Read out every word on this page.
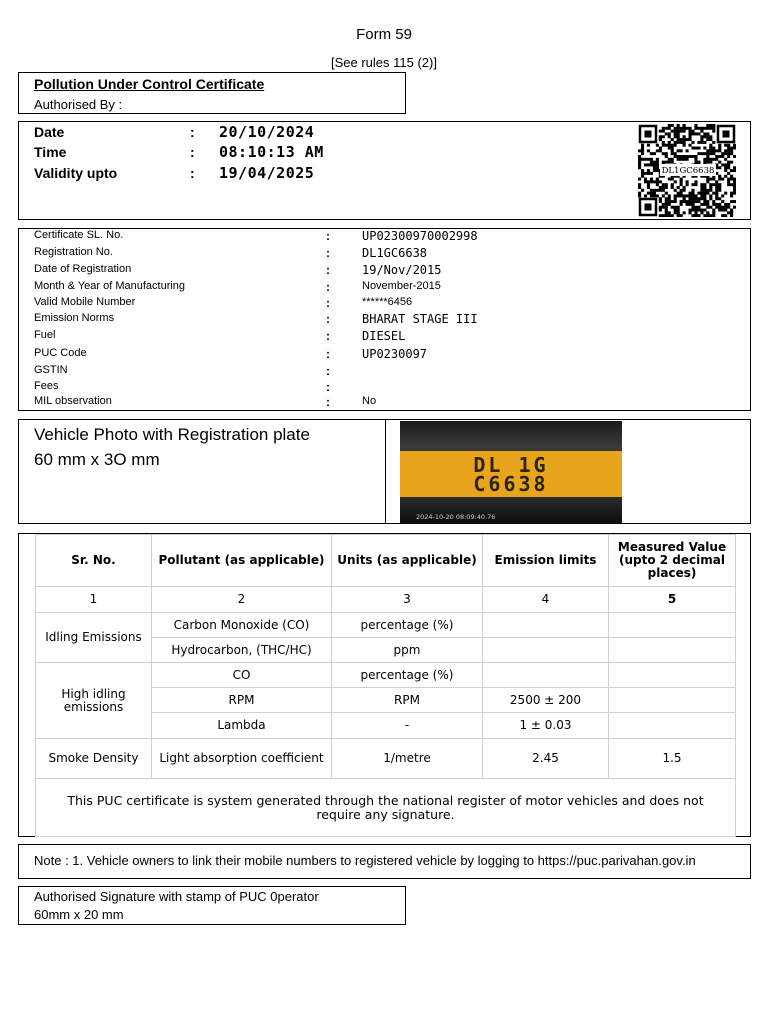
Form 59
[See rules 115 (2)]
Pollution Under Control Certificate
Authorised By :
Date	: 20/10/2024
Time	: 08:10:13 AM
Validity upto	: 19/04/2025	DL1GC6638
Certificate SL. No.	:	UP02300970002998
Registration No.	:	DL1GC6638
Date of Registration	:	19/Nov/2015
Month & Year of Manufacturing	:	November-2015
Valid Mobile Number	:	******6456
Emission Norms	:	BHARAT STAGE III
Fuel	:	DIESEL
PUC Code	:	UP0230097
GSTIN	:
Fees	:
MIL observation	:	No
Vehicle Photo with Registration plate
60 mm x 3O mm	DL 1G
C6638
2024-10-20 08:09:40.76
Sr. No.	Pollutant (as applicable)	Units (as applicable)	Emission limits	Measured Value (upto 2 decimal places)
1	2	3	4	5
Idling Emissions	Carbon Monoxide (CO)	percentage (%)		
	Hydrocarbon, (THC/HC)	ppm		
High idling emissions	CO	percentage (%)		
	RPM	RPM	2500 ± 200	
	Lambda	-	1 ± 0.03	
Smoke Density	Light absorption coefficient	1/metre	2.45	1.5
This PUC certificate is system generated through the national register of motor vehicles and does not require any signature.				
Note : 1. Vehicle owners to link their mobile numbers to registered vehicle by logging to https://puc.parivahan.gov.in
Authorised Signature with stamp of PUC 0perator
60mm x 20 mm
